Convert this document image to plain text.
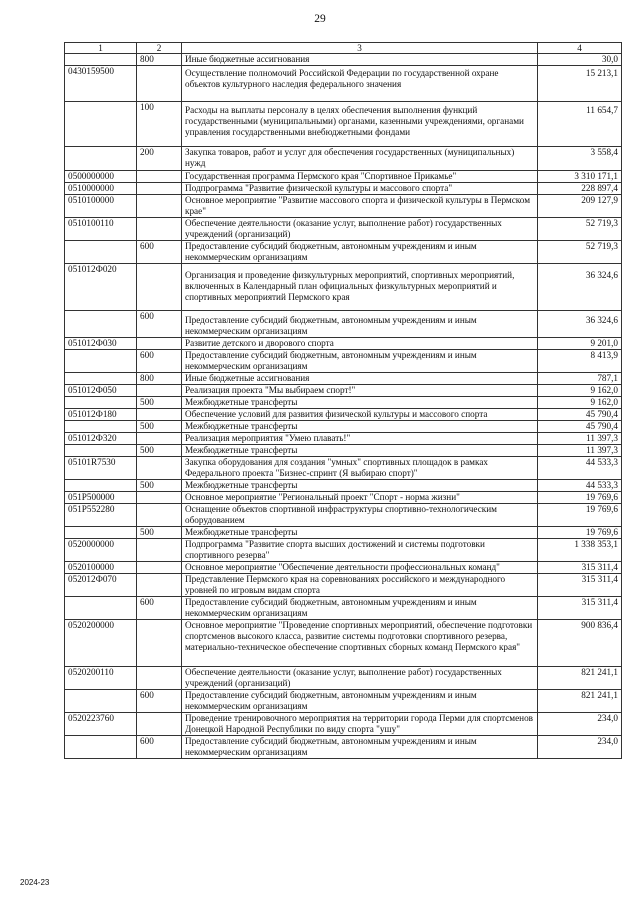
29
1	2	3	4
	800	Иные бюджетные ассигнования	30,0

0430159500		Осуществление полномочий Российской Федерации по государственной охране объектов культурного наследия федерального значения	15 213,1

	100	Расходы на выплаты персоналу в целях обеспечения выполнения функций государственными (муниципальными) органами, казенными учреждениями, органами управления государственными внебюджетными фондами	11 654,7

	200	Закупка товаров, работ и услуг для обеспечения государственных (муниципальных) нужд	3 558,4

0500000000		Государственная программа Пермского края "Спортивное Прикамье"	3 310 171,1

0510000000		Подпрограмма "Развитие физической культуры и массового спорта"	228 897,4

0510100000		Основное мероприятие "Развитие массового спорта и физической культуры в Пермском крае"	209 127,9

0510100110		Обеспечение деятельности (оказание услуг, выполнение работ) государственных учреждений (организаций)	52 719,3

	600	Предоставление субсидий бюджетным, автономным учреждениям и иным некоммерческим организациям	52 719,3

051012Ф020		Организация и проведение физкультурных мероприятий, спортивных мероприятий, включенных в Календарный план официальных физкультурных мероприятий и спортивных мероприятий Пермского края	36 324,6

	600	Предоставление субсидий бюджетным, автономным учреждениям и иным некоммерческим организациям	36 324,6

051012Ф030		Развитие детского и дворового спорта	9 201,0

	600	Предоставление субсидий бюджетным, автономным учреждениям и иным некоммерческим организациям	8 413,9

	800	Иные бюджетные ассигнования	787,1

051012Ф050		Реализация проекта "Мы выбираем спорт!"	9 162,0

	500	Межбюджетные трансферты	9 162,0

051012Ф180		Обеспечение условий для развития физической культуры и массового спорта	45 790,4

	500	Межбюджетные трансферты	45 790,4

051012Ф320		Реализация мероприятия "Умею плавать!"	11 397,3

	500	Межбюджетные трансферты	11 397,3

05101R7530		Закупка оборудования для создания "умных" спортивных площадок в рамках Федерального проекта "Бизнес-спринт (Я выбираю спорт)"	44 533,3

	500	Межбюджетные трансферты	44 533,3

051P500000		Основное мероприятие "Региональный проект "Спорт - норма жизни"	19 769,6

051P552280		Оснащение объектов спортивной инфраструктуры спортивно-технологическим оборудованием	19 769,6

	500	Межбюджетные трансферты	19 769,6

0520000000		Подпрограмма "Развитие спорта высших достижений и системы подготовки спортивного резерва"	1 338 353,1

0520100000		Основное мероприятие "Обеспечение деятельности профессиональных команд"	315 311,4

052012Ф070		Представление Пермского края на соревнованиях российского и международного уровней по игровым видам спорта	315 311,4

	600	Предоставление субсидий бюджетным, автономным учреждениям и иным некоммерческим организациям	315 311,4

0520200000		Основное мероприятие "Проведение спортивных мероприятий, обеспечение подготовки спортсменов высокого класса, развитие системы подготовки спортивного резерва, материально-техническое обеспечение спортивных сборных команд Пермского края"	900 836,4

0520200110		Обеспечение деятельности (оказание услуг, выполнение работ) государственных учреждений (организаций)	821 241,1

	600	Предоставление субсидий бюджетным, автономным учреждениям и иным некоммерческим организациям	821 241,1

0520223760		Проведение тренировочного мероприятия на территории города Перми для спортсменов Донецкой Народной Республики по виду спорта "ушу"	234,0

	600	Предоставление субсидий бюджетным, автономным учреждениям и иным некоммерческим организациям	234,0
2024-23
